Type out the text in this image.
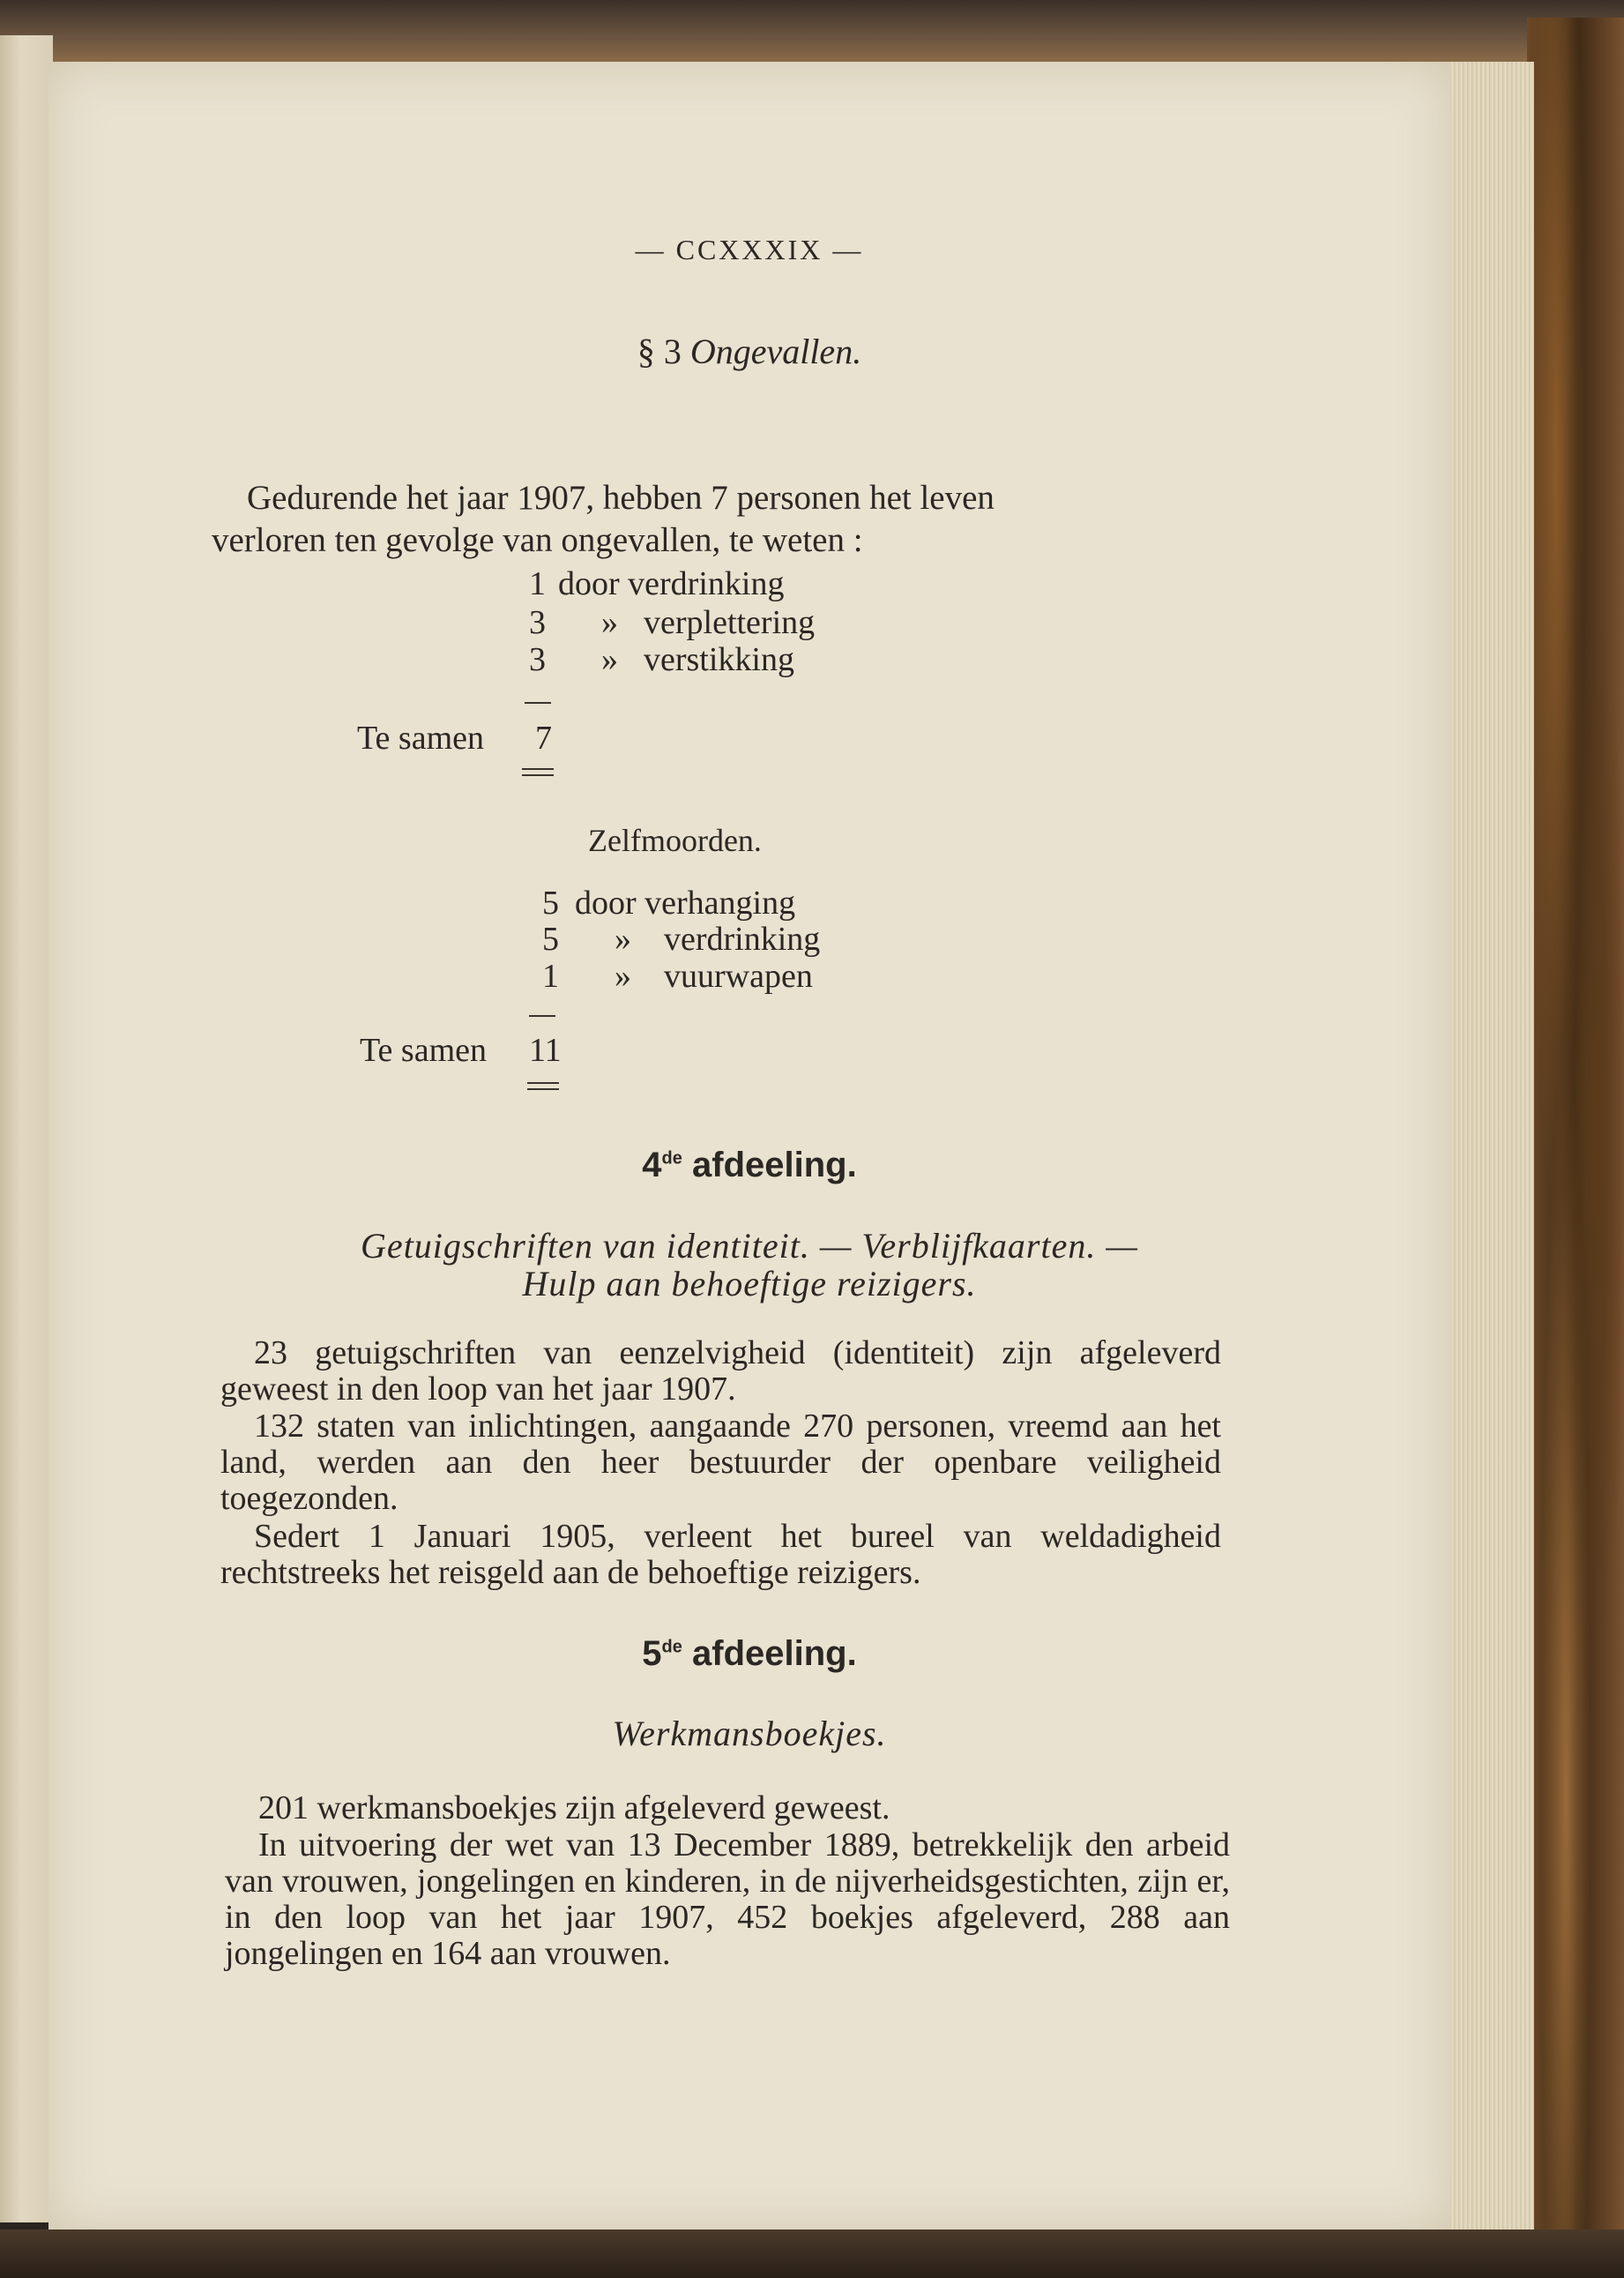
— CCXXXIX —
§ 3 Ongevallen.
Gedurende het jaar 1907, hebben 7 personen het leven
verloren ten gevolge van ongevallen, te weten :
1 door verdrinking
3 » verplettering
3 » verstikking
Te samen 7
Zelfmoorden.
5 door verhanging
5 » verdrinking
1 » vuurwapen
Te samen 11
4de afdeeling.
Getuigschriften van identiteit. — Verblijfkaarten. —
Hulp aan behoeftige reizigers.
23 getuigschriften van eenzelvigheid (identiteit) zijn afgeleverd geweest in den loop van het jaar 1907.
132 staten van inlichtingen, aangaande 270 personen, vreemd aan het land, werden aan den heer bestuurder der openbare veiligheid toegezonden.
Sedert 1 Januari 1905, verleent het bureel van weldadigheid rechtstreeks het reisgeld aan de behoeftige reizigers.
5de afdeeling.
Werkmansboekjes.
201 werkmansboekjes zijn afgeleverd geweest.
In uitvoering der wet van 13 December 1889, betrekkelijk den arbeid van vrouwen, jongelingen en kinderen, in de nijverheidsgestichten, zijn er, in den loop van het jaar 1907, 452 boekjes afgeleverd, 288 aan jongelingen en 164 aan vrouwen.
